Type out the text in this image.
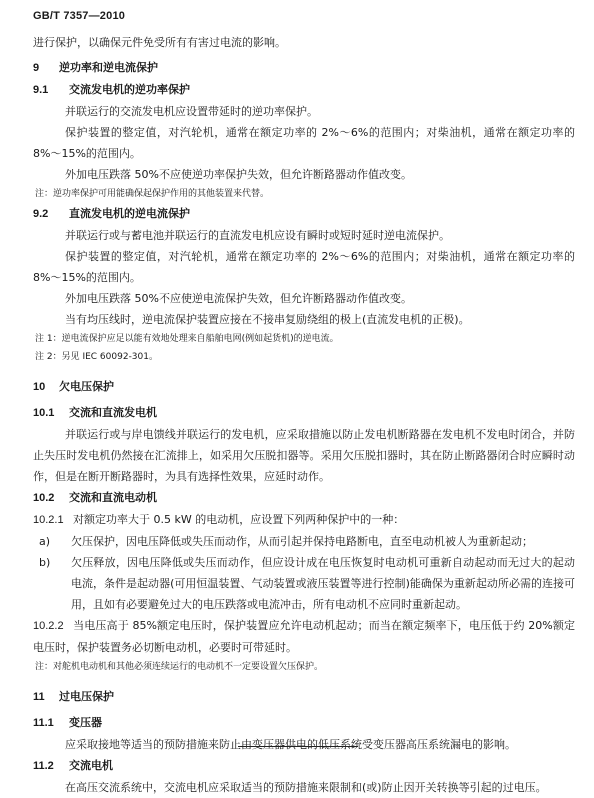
GB/T 7357—2010

进行保护，以确保元件免受所有有害过电流的影响。

9 逆功率和逆电流保护

9.1 交流发电机的逆功率保护

并联运行的交流发电机应设置带延时的逆功率保护。

保护装置的整定值，对汽轮机，通常在额定功率的 2%～6%的范围内；对柴油机，通常在额定功率的 8%～15%的范围内。

外加电压跌落 50%不应使逆功率保护失效，但允许断路器动作值改变。

注：逆功率保护可用能确保起保护作用的其他装置来代替。

9.2 直流发电机的逆电流保护

并联运行或与蓄电池并联运行的直流发电机应设有瞬时或短时延时逆电流保护。

保护装置的整定值，对汽轮机，通常在额定功率的 2%～6%的范围内；对柴油机，通常在额定功率的 8%～15%的范围内。

外加电压跌落 50%不应使逆电流保护失效，但允许断路器动作值改变。

当有均压线时，逆电流保护装置应接在不接串复励绕组的极上(直流发电机的正极)。

注 1：逆电流保护应足以能有效地处理来自船舶电网(例如起货机)的逆电流。

注 2：另见 IEC 60092-301。

10 欠电压保护

10.1 交流和直流发电机

并联运行或与岸电馈线并联运行的发电机，应采取措施以防止发电机断路器在发电机不发电时闭合，并防止失压时发电机仍然接在汇流排上，如采用欠压脱扣器等。采用欠压脱扣器时，其在防止断路器闭合时应瞬时动作，但是在断开断路器时，为具有选择性效果，应延时动作。

10.2 交流和直流电动机

10.2.1 对额定功率大于 0.5 kW 的电动机，应设置下列两种保护中的一种：

a)	欠压保护，因电压降低或失压而动作，从而引起并保持电路断电，直至电动机被人为重新起动；
b)	欠压释放，因电压降低或失压而动作，但应设计成在电压恢复时电动机可重新自动起动而无过大的起动电流，条件是起动器(可用恒温装置、气动装置或液压装置等进行控制)能确保为重新起动所必需的连接可用，且如有必要避免过大的电压跌落或电流冲击，所有电动机不应同时重新起动。

10.2.2 当电压高于 85%额定电压时，保护装置应允许电动机起动；而当在额定频率下，电压低于约 20%额定电压时，保护装置务必切断电动机，必要时可带延时。

注：对舵机电动机和其他必须连续运行的电动机不一定要设置欠压保护。

11 过电压保护

11.1 变压器

应采取接地等适当的预防措施来防止由变压器供电的低压系统受变压器高压系统漏电的影响。

11.2 交流电机

在高压交流系统中，交流电机应采取适当的预防措施来限制和(或)防止因开关转换等引起的过电压。
